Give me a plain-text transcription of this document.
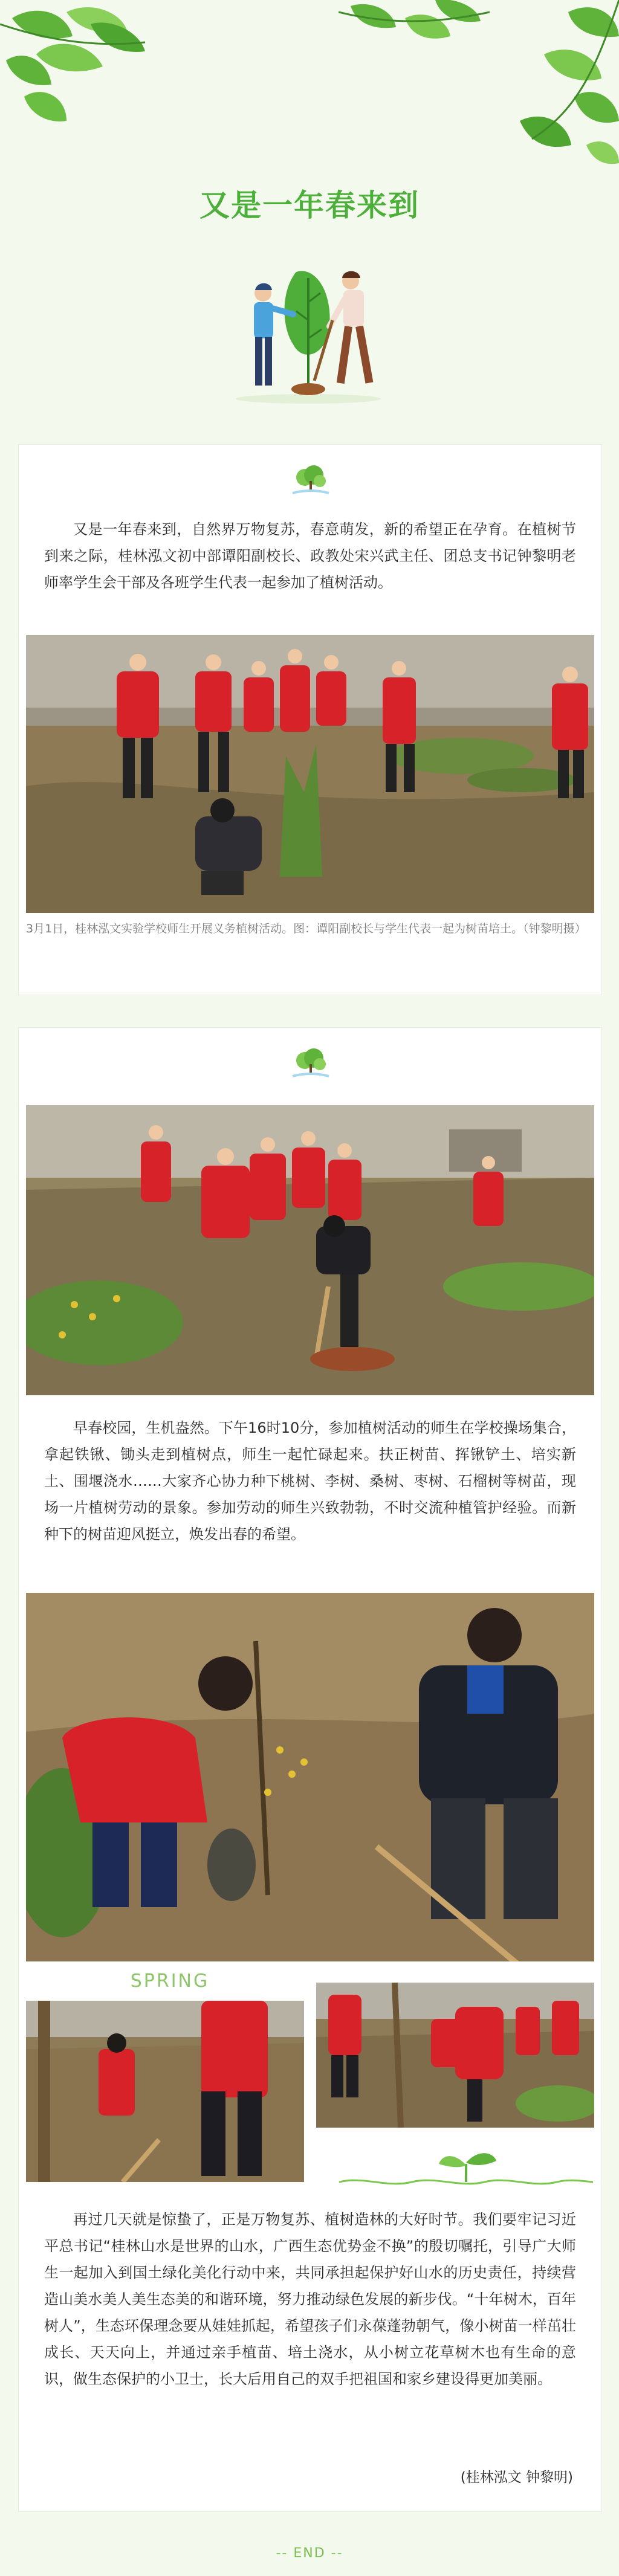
又是一年春来到
又是一年春来到，自然界万物复苏，春意萌发，新的希望正在孕育。在植树节到来之际，桂林泓文初中部谭阳副校长、政教处宋兴武主任、团总支书记钟黎明老师率学生会干部及各班学生代表一起参加了植树活动。
3月1日，桂林泓文实验学校师生开展义务植树活动。图：谭阳副校长与学生代表一起为树苗培土。（钟黎明摄）
早春校园，生机盎然。下午16时10分，参加植树活动的师生在学校操场集合，拿起铁锹、锄头走到植树点，师生一起忙碌起来。扶正树苗、挥锹铲土、培实新土、围堰浇水……大家齐心协力种下桃树、李树、桑树、枣树、石榴树等树苗，现场一片植树劳动的景象。参加劳动的师生兴致勃勃，不时交流种植管护经验。而新种下的树苗迎风挺立，焕发出春的希望。
SPRING
再过几天就是惊蛰了，正是万物复苏、植树造林的大好时节。我们要牢记习近平总书记“桂林山水是世界的山水，广西生态优势金不换”的殷切嘱托，引导广大师生一起加入到国土绿化美化行动中来，共同承担起保护好山水的历史责任，持续营造山美水美人美生态美的和谐环境，努力推动绿色发展的新步伐。“十年树木，百年树人”，生态环保理念要从娃娃抓起，希望孩子们永葆蓬勃朝气，像小树苗一样茁壮成长、天天向上，并通过亲手植苗、培土浇水，从小树立花草树木也有生命的意识，做生态保护的小卫士，长大后用自己的双手把祖国和家乡建设得更加美丽。
(桂林泓文 钟黎明)
-- END --
